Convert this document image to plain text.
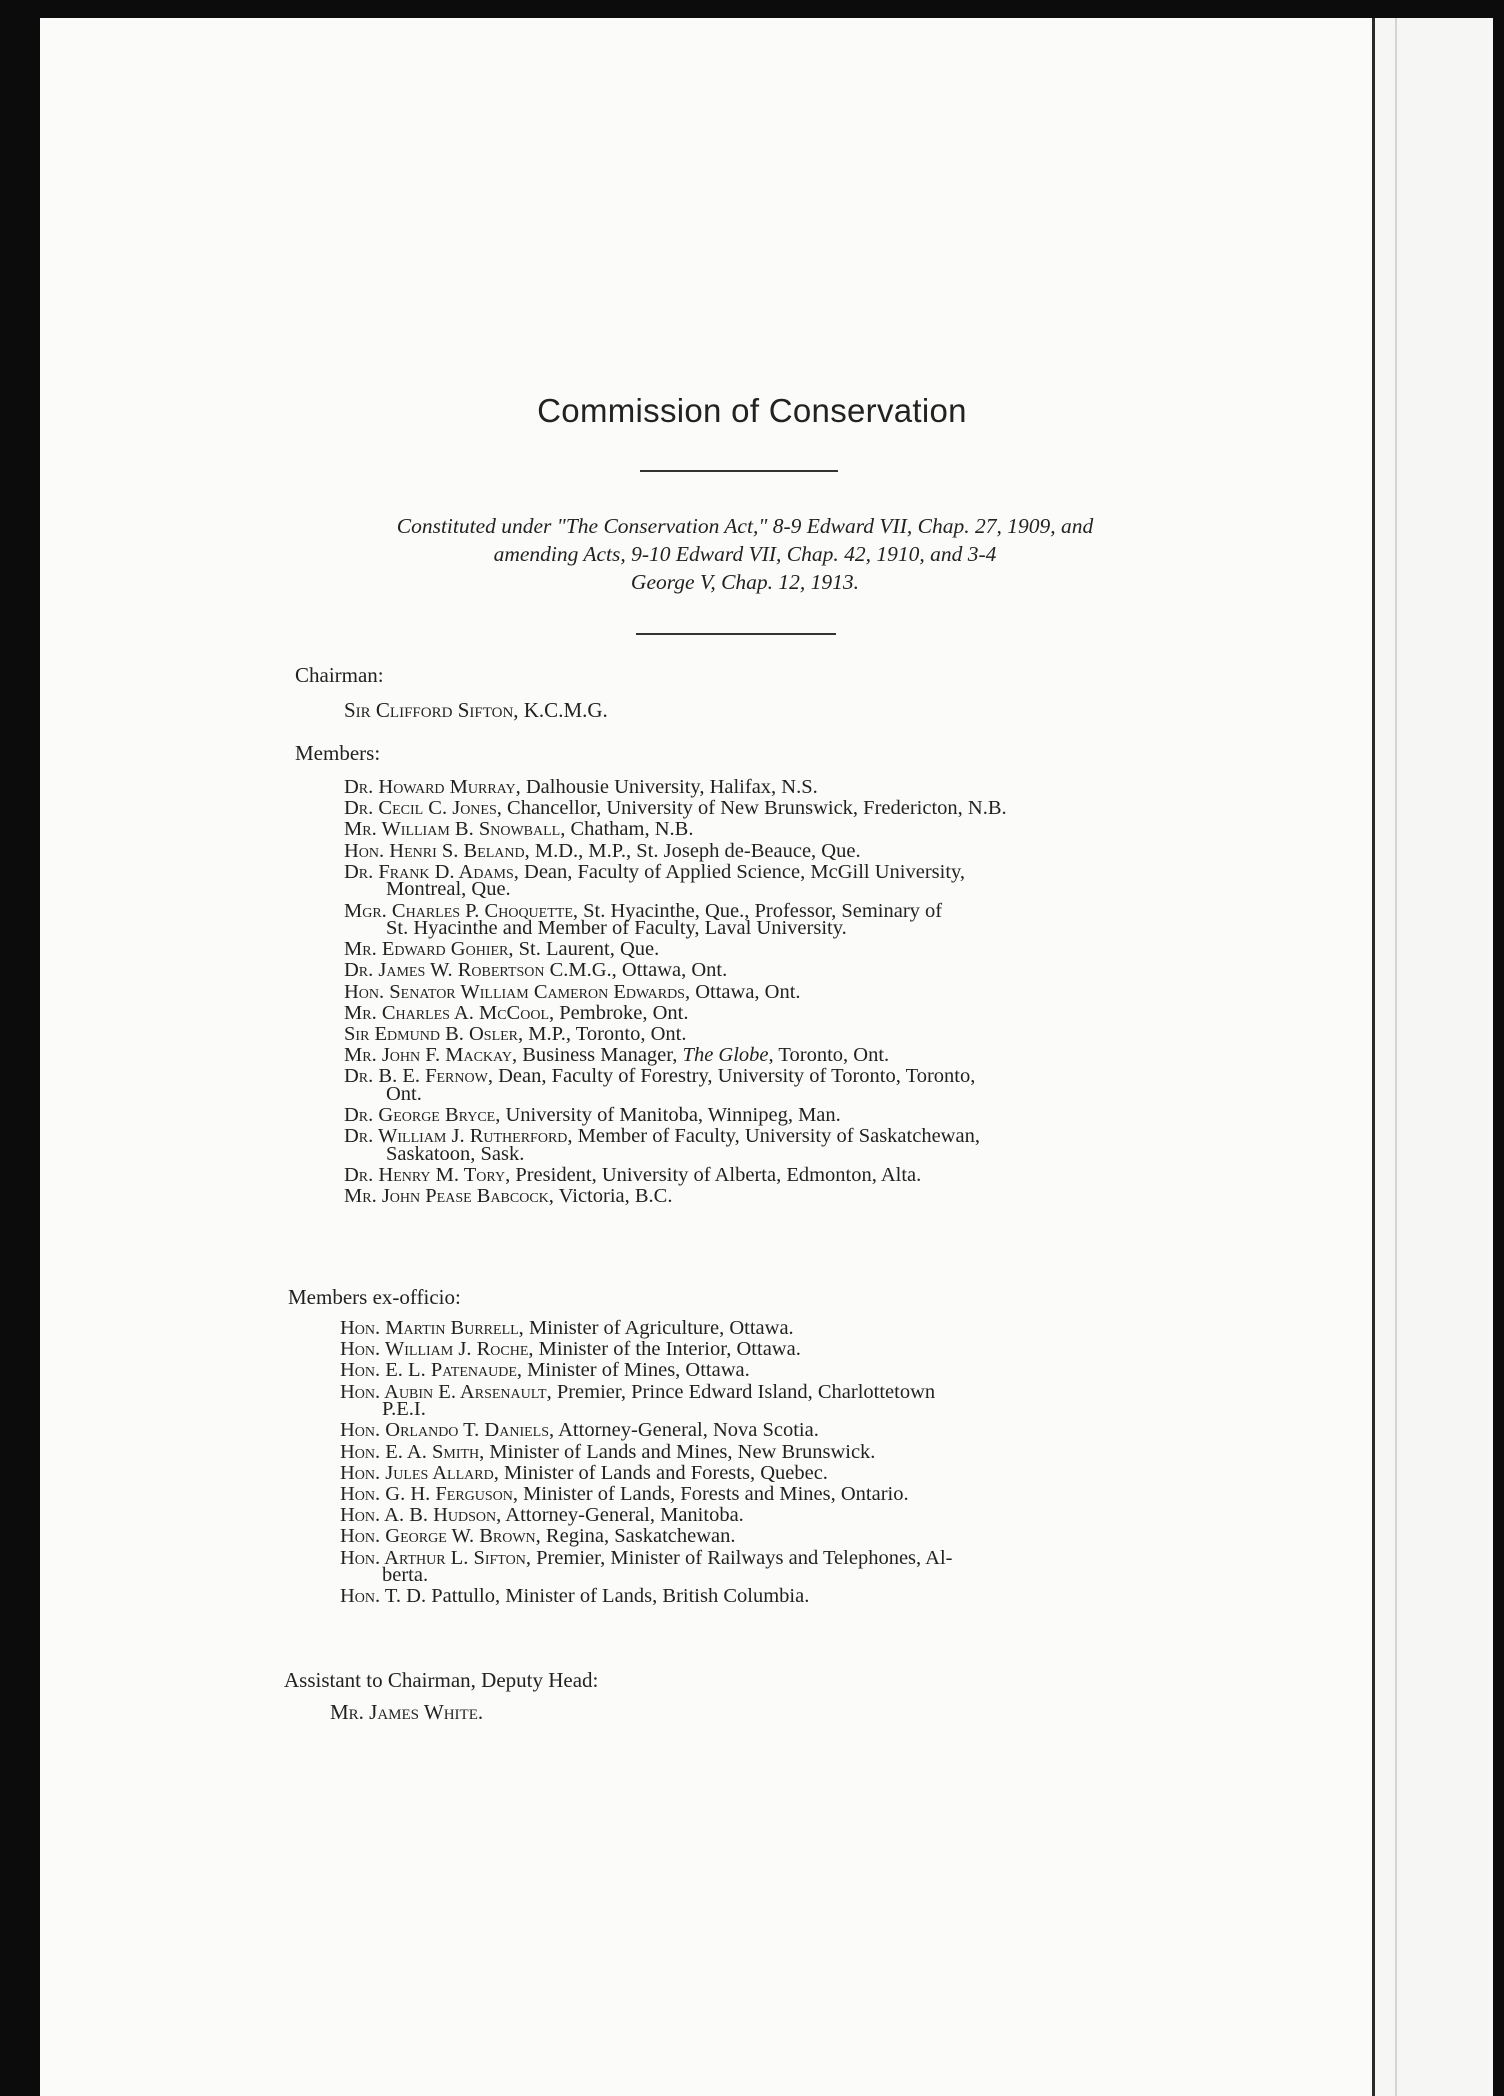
Commission of Conservation
Constituted under "The Conservation Act," 8-9 Edward VII, Chap. 27, 1909, and
amending Acts, 9-10 Edward VII, Chap. 42, 1910, and 3-4
George V, Chap. 12, 1913.
Chairman:
Sir Clifford Sifton, K.C.M.G.
Members:
Dr. Howard Murray, Dalhousie University, Halifax, N.S.
Dr. Cecil C. Jones, Chancellor, University of New Brunswick, Fredericton, N.B.
Mr. William B. Snowball, Chatham, N.B.
Hon. Henri S. Beland, M.D., M.P., St. Joseph de-Beauce, Que.
Dr. Frank D. Adams, Dean, Faculty of Applied Science, McGill University,
Montreal, Que.
Mgr. Charles P. Choquette, St. Hyacinthe, Que., Professor, Seminary of
St. Hyacinthe and Member of Faculty, Laval University.
Mr. Edward Gohier, St. Laurent, Que.
Dr. James W. Robertson C.M.G., Ottawa, Ont.
Hon. Senator William Cameron Edwards, Ottawa, Ont.
Mr. Charles A. McCool, Pembroke, Ont.
Sir Edmund B. Osler, M.P., Toronto, Ont.
Mr. John F. Mackay, Business Manager, The Globe, Toronto, Ont.
Dr. B. E. Fernow, Dean, Faculty of Forestry, University of Toronto, Toronto,
Ont.
Dr. George Bryce, University of Manitoba, Winnipeg, Man.
Dr. William J. Rutherford, Member of Faculty, University of Saskatchewan,
Saskatoon, Sask.
Dr. Henry M. Tory, President, University of Alberta, Edmonton, Alta.
Mr. John Pease Babcock, Victoria, B.C.
Members ex-officio:
Hon. Martin Burrell, Minister of Agriculture, Ottawa.
Hon. William J. Roche, Minister of the Interior, Ottawa.
Hon. E. L. Patenaude, Minister of Mines, Ottawa.
Hon. Aubin E. Arsenault, Premier, Prince Edward Island, Charlottetown
P.E.I.
Hon. Orlando T. Daniels, Attorney-General, Nova Scotia.
Hon. E. A. Smith, Minister of Lands and Mines, New Brunswick.
Hon. Jules Allard, Minister of Lands and Forests, Quebec.
Hon. G. H. Ferguson, Minister of Lands, Forests and Mines, Ontario.
Hon. A. B. Hudson, Attorney-General, Manitoba.
Hon. George W. Brown, Regina, Saskatchewan.
Hon. Arthur L. Sifton, Premier, Minister of Railways and Telephones, Al-
berta.
Hon. T. D. Pattullo, Minister of Lands, British Columbia.
Assistant to Chairman, Deputy Head:
Mr. James White.
